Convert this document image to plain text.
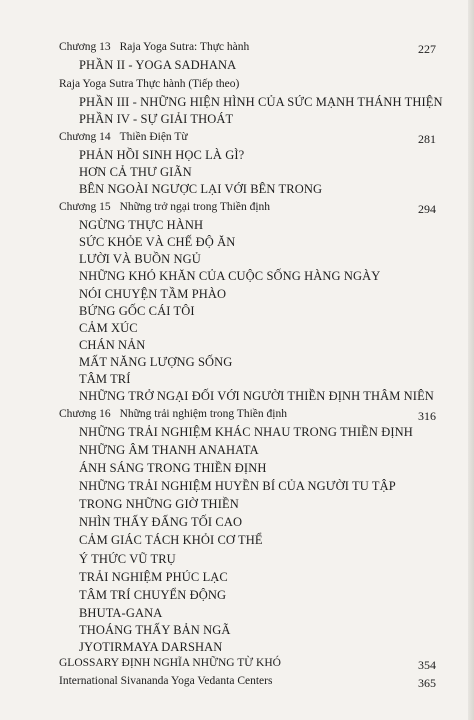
Chương 13 Raja Yoga Sutra: Thực hành	227
PHẦN II - YOGA SADHANA
Raja Yoga Sutra Thực hành (Tiếp theo)
PHẦN III - NHỮNG HIỆN HÌNH CỦA SỨC MẠNH THÁNH THIỆN
PHẦN IV - SỰ GIẢI THOÁT
Chương 14 Thiền Điện Từ	281
PHẢN HỒI SINH HỌC LÀ GÌ?
HƠN CẢ THƯ GIÃN
BÊN NGOÀI NGƯỢC LẠI VỚI BÊN TRONG
Chương 15 Những trở ngại trong Thiền định	294
NGỪNG THỰC HÀNH
SỨC KHỎE VÀ CHẾ ĐỘ ĂN
LƯỜI VÀ BUỒN NGỦ
NHỮNG KHÓ KHĂN CỦA CUỘC SỐNG HÀNG NGÀY
NÓI CHUYỆN TẦM PHÀO
BỨNG GỐC CÁI TÔI
CẢM XÚC
CHÁN NẢN
MẤT NĂNG LƯỢNG SỐNG
TÂM TRÍ
NHỮNG TRỞ NGẠI ĐỐI VỚI NGƯỜI THIỀN ĐỊNH THÂM NIÊN
Chương 16 Những trải nghiệm trong Thiền định	316
NHỮNG TRẢI NGHIỆM KHÁC NHAU TRONG THIỀN ĐỊNH
NHỮNG ÂM THANH ANAHATA
ÁNH SÁNG TRONG THIỀN ĐỊNH
NHỮNG TRẢI NGHIỆM HUYỀN BÍ CỦA NGƯỜI TU TẬP
TRONG NHỮNG GIỜ THIỀN
NHÌN THẤY ĐẤNG TỐI CAO
CẢM GIÁC TÁCH KHỎI CƠ THỂ
Ý THỨC VŨ TRỤ
TRẢI NGHIỆM PHÚC LẠC
TÂM TRÍ CHUYỂN ĐỘNG
BHUTA-GANA
THOÁNG THẤY BẢN NGÃ
JYOTIRMAYA DARSHAN
GLOSSARY ĐỊNH NGHĨA NHỮNG TỪ KHÓ	354
International Sivananda Yoga Vedanta Centers	365
